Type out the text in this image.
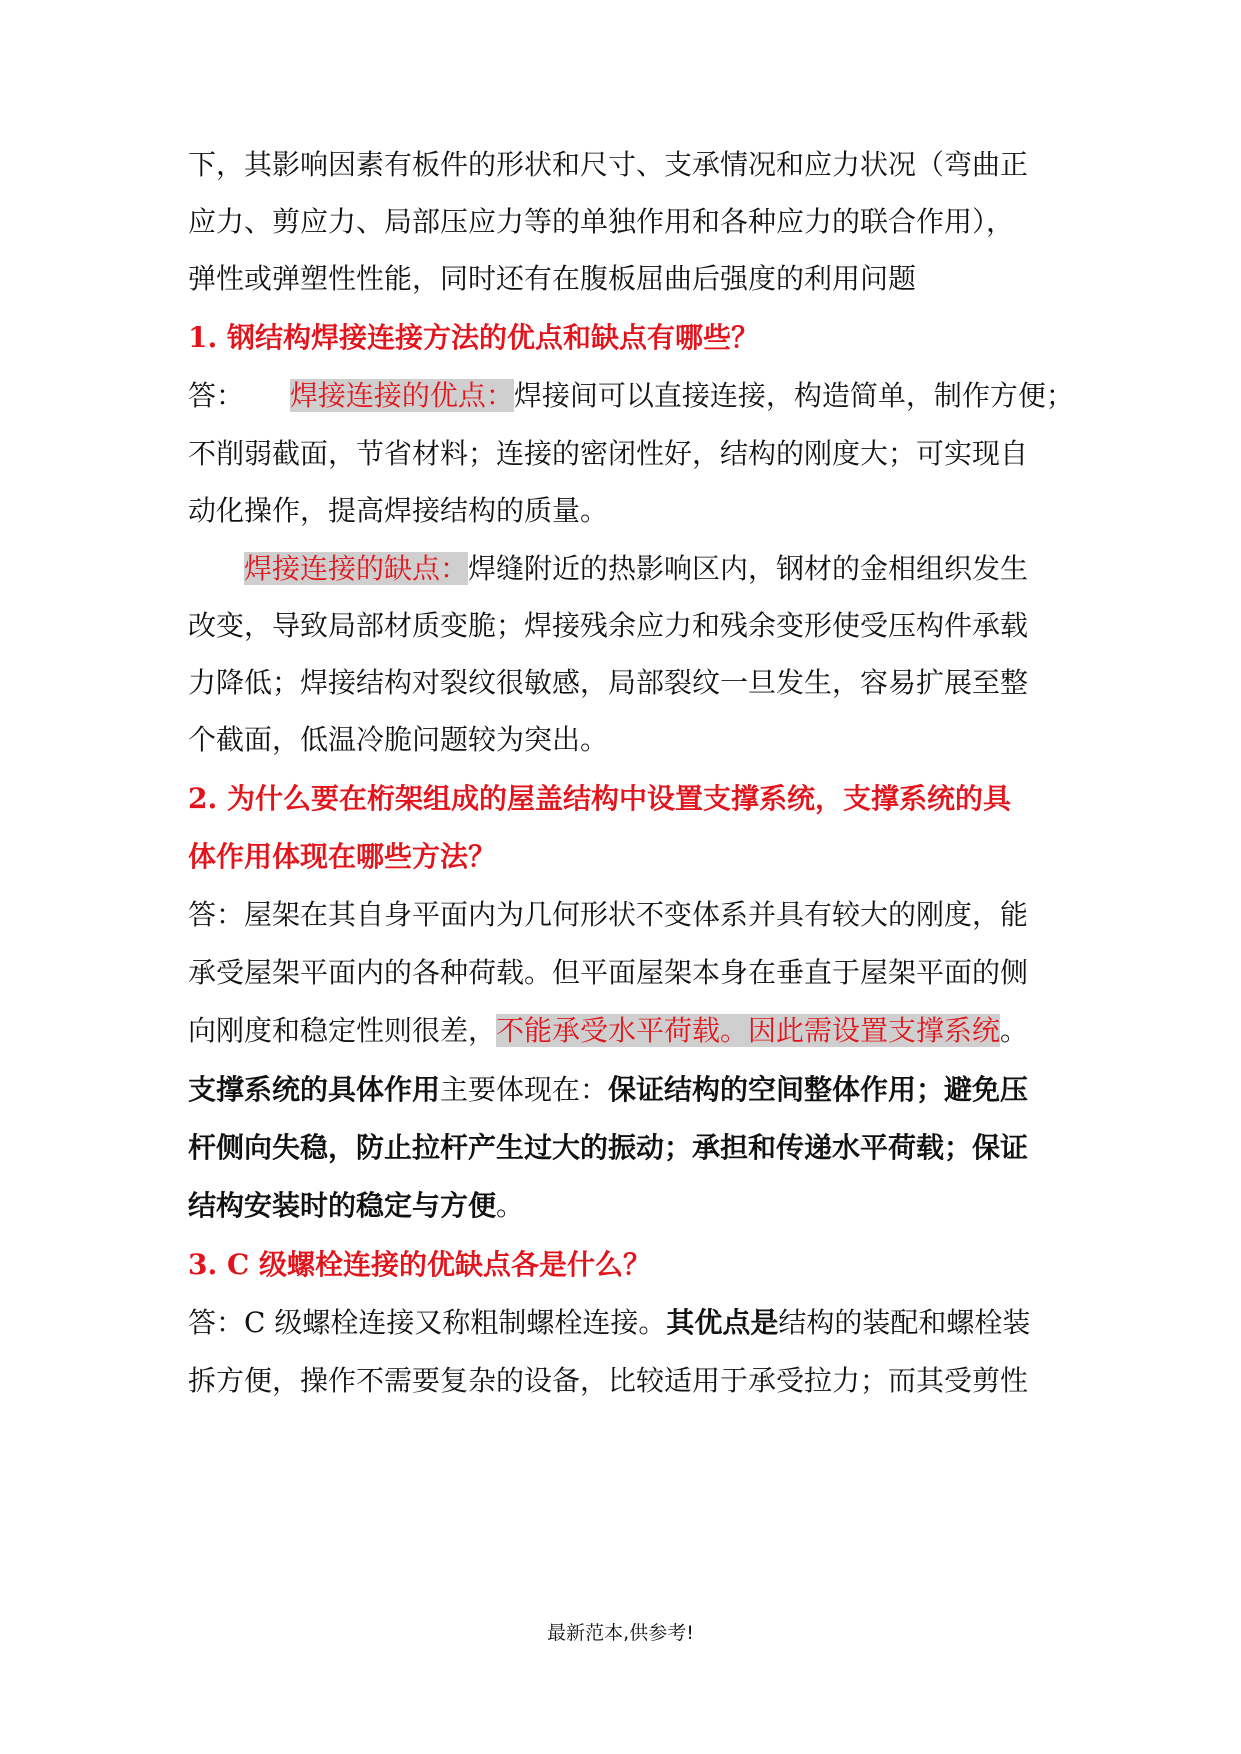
下，其影响因素有板件的形状和尺寸、支承情况和应力状况（弯曲正
应力、剪应力、局部压应力等的单独作用和各种应力的联合作用），
弹性或弹塑性性能，同时还有在腹板屈曲后强度的利用问题
1. 钢结构焊接连接方法的优点和缺点有哪些？
答： 焊接连接的优点：焊接间可以直接连接，构造简单，制作方便；
不削弱截面，节省材料；连接的密闭性好，结构的刚度大；可实现自
动化操作，提高焊接结构的质量。
焊接连接的缺点：焊缝附近的热影响区内，钢材的金相组织发生
改变，导致局部材质变脆；焊接残余应力和残余变形使受压构件承载
力降低；焊接结构对裂纹很敏感，局部裂纹一旦发生，容易扩展至整
个截面，低温冷脆问题较为突出。
2. 为什么要在桁架组成的屋盖结构中设置支撑系统，支撑系统的具
体作用体现在哪些方法？
答：屋架在其自身平面内为几何形状不变体系并具有较大的刚度，能
承受屋架平面内的各种荷载。但平面屋架本身在垂直于屋架平面的侧
向刚度和稳定性则很差，不能承受水平荷载。因此需设置支撑系统。
支撑系统的具体作用主要体现在：保证结构的空间整体作用；避免压
杆侧向失稳，防止拉杆产生过大的振动；承担和传递水平荷载；保证
结构安装时的稳定与方便。
3. C 级螺栓连接的优缺点各是什么？
答：C 级螺栓连接又称粗制螺栓连接。其优点是结构的装配和螺栓装
拆方便，操作不需要复杂的设备，比较适用于承受拉力；而其受剪性
最新范本,供参考!
